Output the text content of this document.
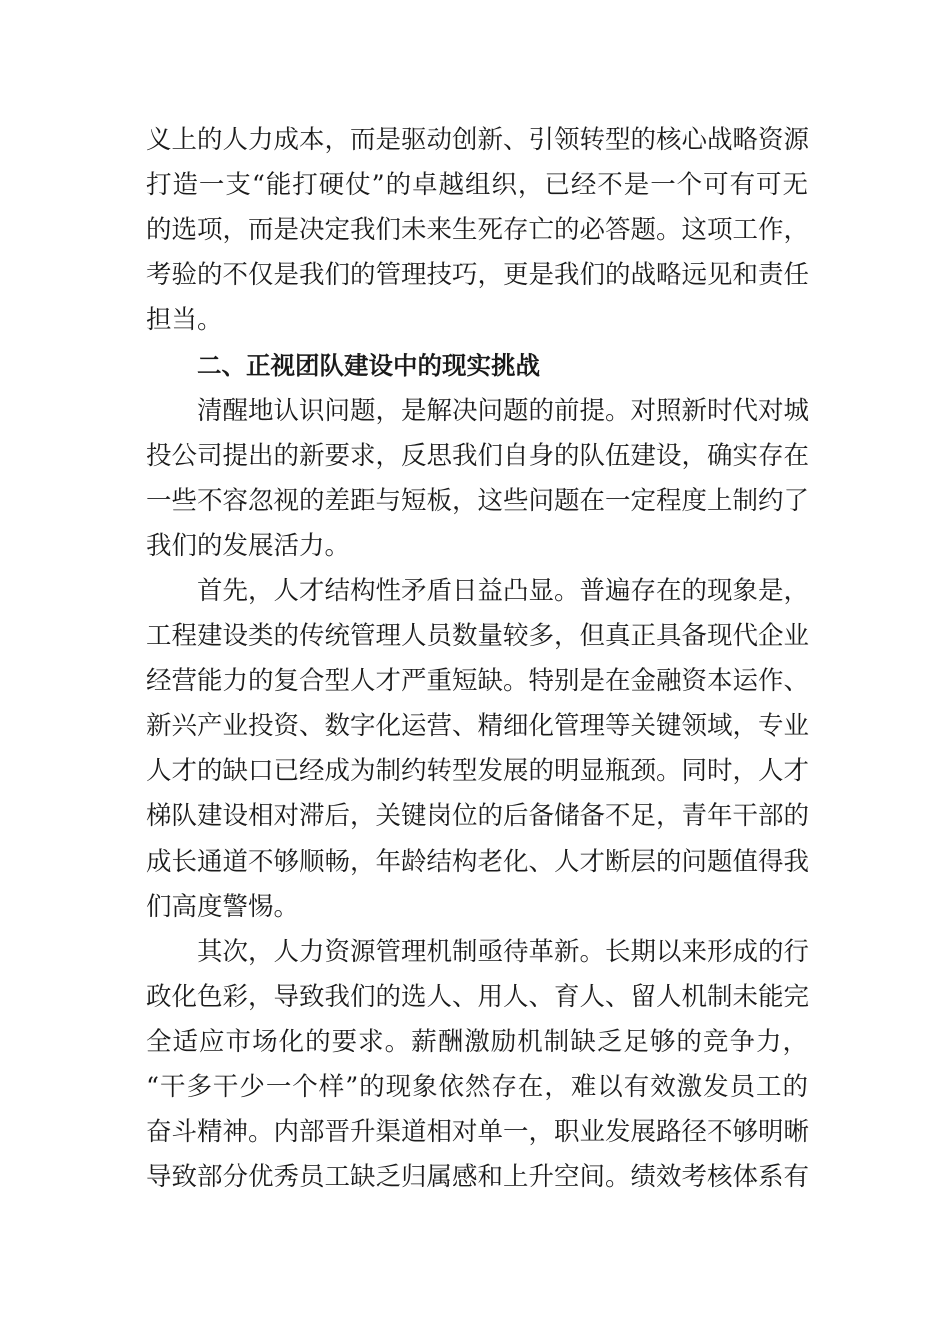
义上的人力成本，而是驱动创新、引领转型的核心战略资源
打造一支“能打硬仗”的卓越组织，已经不是一个可有可无
的选项，而是决定我们未来生死存亡的必答题。这项工作，
考验的不仅是我们的管理技巧，更是我们的战略远见和责任
担当。
二、正视团队建设中的现实挑战
清醒地认识问题，是解决问题的前提。对照新时代对城
投公司提出的新要求，反思我们自身的队伍建设，确实存在
一些不容忽视的差距与短板，这些问题在一定程度上制约了
我们的发展活力。
首先，人才结构性矛盾日益凸显。普遍存在的现象是，
工程建设类的传统管理人员数量较多，但真正具备现代企业
经营能力的复合型人才严重短缺。特别是在金融资本运作、
新兴产业投资、数字化运营、精细化管理等关键领域，专业
人才的缺口已经成为制约转型发展的明显瓶颈。同时，人才
梯队建设相对滞后，关键岗位的后备储备不足，青年干部的
成长通道不够顺畅，年龄结构老化、人才断层的问题值得我
们高度警惕。
其次，人力资源管理机制亟待革新。长期以来形成的行
政化色彩，导致我们的选人、用人、育人、留人机制未能完
全适应市场化的要求。薪酬激励机制缺乏足够的竞争力，
“干多干少一个样”的现象依然存在，难以有效激发员工的
奋斗精神。内部晋升渠道相对单一，职业发展路径不够明晰
导致部分优秀员工缺乏归属感和上升空间。绩效考核体系有
